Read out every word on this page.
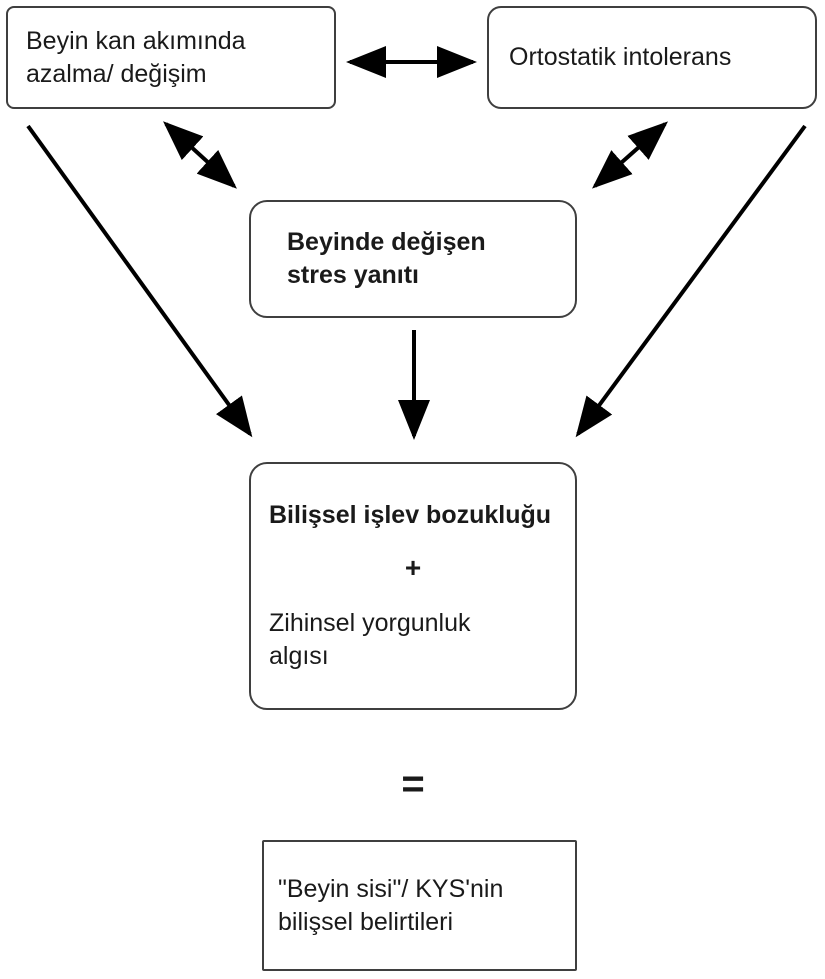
Beyin kan akımında
azalma/ değişim
Ortostatik intolerans
Beyinde değişen
stres yanıtı
Bilişsel işlev bozukluğu
+
Zihinsel yorgunluk
algısı
=
"Beyin sisi"/ KYS'nin
bilişsel belirtileri
